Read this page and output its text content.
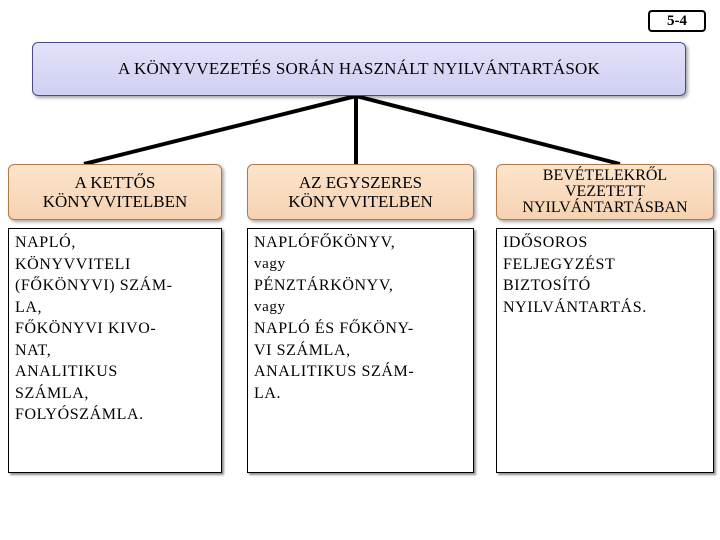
5-4
A KÖNYVVEZETÉS SORÁN HASZNÁLT NYILVÁNTARTÁSOK
A KETTŐS
KÖNYVVITELBEN
NAPLÓ,
KÖNYVVITELI
(FŐKÖNYVI) SZÁM-
LA,
FŐKÖNYVI KIVO-
NAT,
ANALITIKUS
SZÁMLA,
FOLYÓSZÁMLA.
AZ EGYSZERES
KÖNYVVITELBEN
NAPLÓFŐKÖNYV,
vagy
PÉNZTÁRKÖNYV,
vagy
NAPLÓ ÉS FŐKÖNY-
VI SZÁMLA,
ANALITIKUS SZÁM-
LA.
BEVÉTELEKRŐL
VEZETETT
NYILVÁNTARTÁSBAN
IDŐSOROS
FELJEGYZÉST
BIZTOSÍTÓ
NYILVÁNTARTÁS.
